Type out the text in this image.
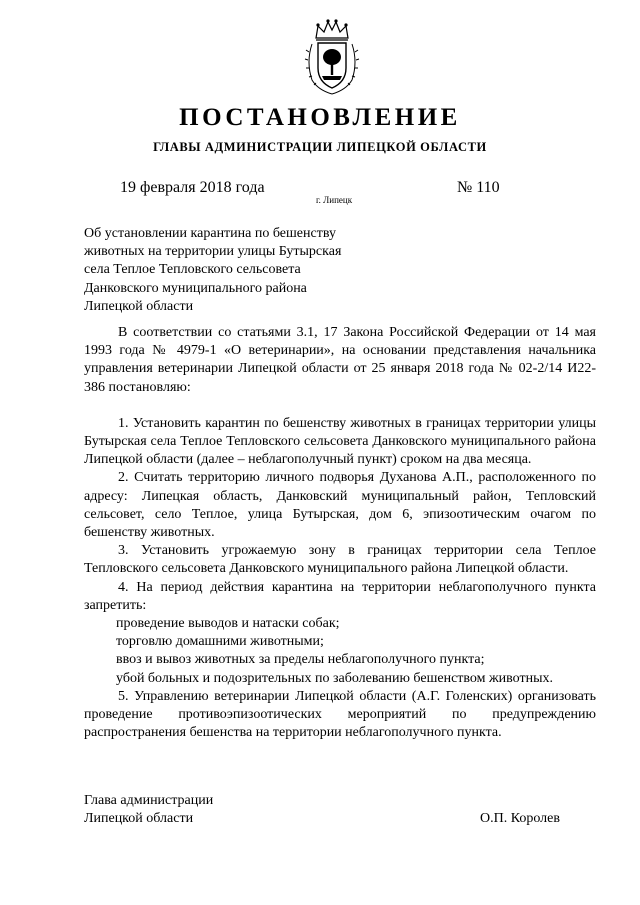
ПОСТАНОВЛЕНИЕ
ГЛАВЫ АДМИНИСТРАЦИИ ЛИПЕЦКОЙ ОБЛАСТИ
19 февраля 2018 года
г. Липецк
№ 110
Об установлении карантина по бешенству
животных на территории улицы Бутырская
села Теплое Тепловского сельсовета
Данковского муниципального района
Липецкой области

В соответствии со статьями 3.1, 17 Закона Российской Федерации от 14 мая 1993 года № 4979-1 «О ветеринарии», на основании представления начальника управления ветеринарии Липецкой области от 25 января 2018 года № 02-2/14 И22-386 постановляю:

1. Установить карантин по бешенству животных в границах территории улицы Бутырская села Теплое Тепловского сельсовета Данковского муниципального района Липецкой области (далее – неблагополучный пункт) сроком на два месяца.

2. Считать территорию личного подворья Духанова А.П., расположенного по адресу: Липецкая область, Данковский муниципальный район, Тепловский сельсовет, село Теплое, улица Бутырская, дом 6, эпизоотическим очагом по бешенству животных.

3. Установить угрожаемую зону в границах территории села Теплое Тепловского сельсовета Данковского муниципального района Липецкой области.

4. На период действия карантина на территории неблагополучного пункта запретить:

проведение выводов и натаски собак;

торговлю домашними животными;

ввоз и вывоз животных за пределы неблагополучного пункта;

убой больных и подозрительных по заболеванию бешенством животных.

5. Управлению ветеринарии Липецкой области (А.Г. Голенских) организовать проведение противоэпизоотических мероприятий по предупреждению распространения бешенства на территории неблагополучного пункта.

Глава администрации
Липецкой области	О.П. Королев
